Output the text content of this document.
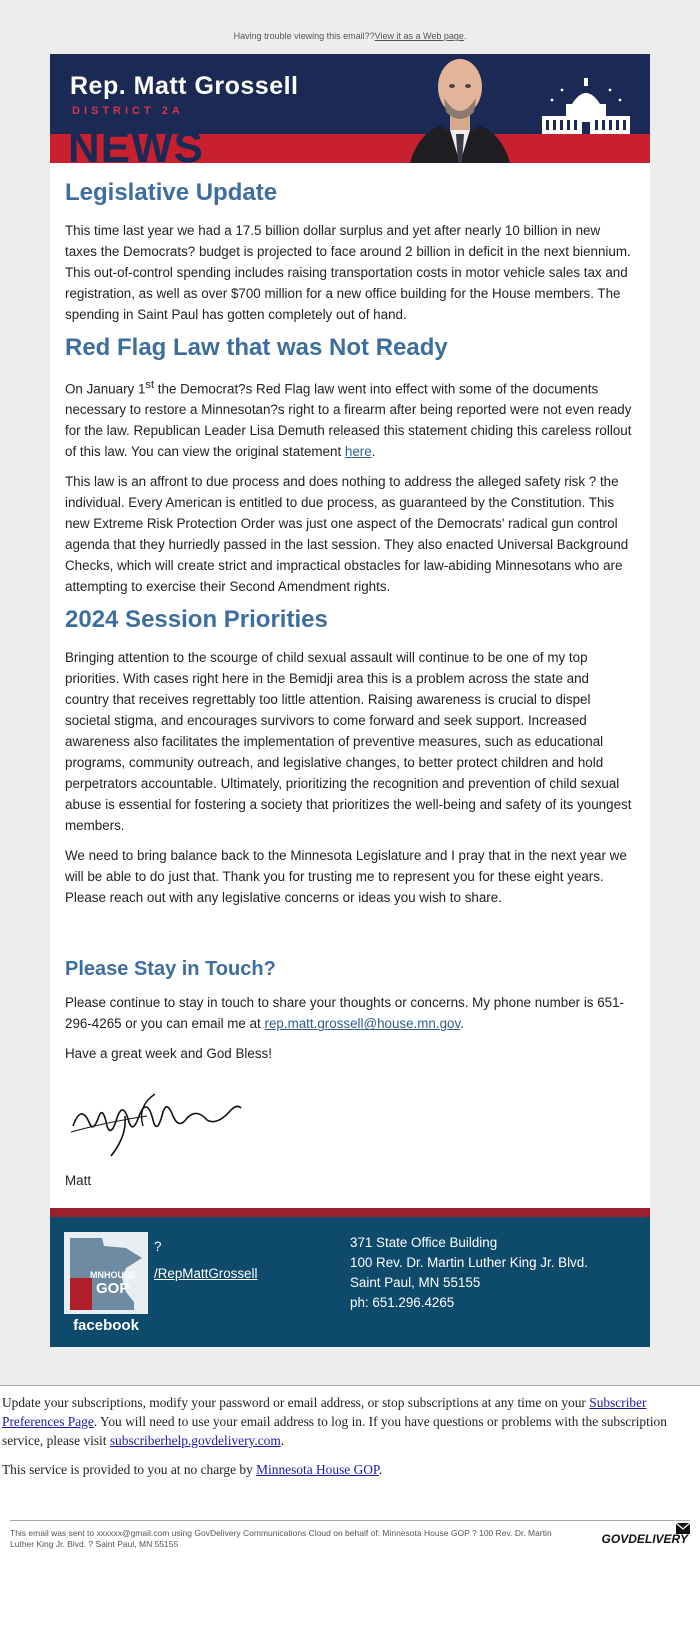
Having trouble viewing this email??View it as a Web page.
Rep. Matt Grossell
DISTRICT 2A
NEWS
Legislative Update

This time last year we had a 17.5 billion dollar surplus and yet after nearly 10 billion in new taxes the Democrats? budget is projected to face around 2 billion in deficit in the next biennium. This out-of-control spending includes raising transportation costs in motor vehicle sales tax and registration, as well as over $700 million for a new office building for the House members. The spending in Saint Paul has gotten completely out of hand.

Red Flag Law that was Not Ready

On January 1st the Democrat?s Red Flag law went into effect with some of the documents necessary to restore a Minnesotan?s right to a firearm after being reported were not even ready for the law. Republican Leader Lisa Demuth released this statement chiding this careless rollout of this law. You can view the original statement here.

This law is an affront to due process and does nothing to address the alleged safety risk ? the individual. Every American is entitled to due process, as guaranteed by the Constitution. This new Extreme Risk Protection Order was just one aspect of the Democrats' radical gun control agenda that they hurriedly passed in the last session. They also enacted Universal Background Checks, which will create strict and impractical obstacles for law-abiding Minnesotans who are attempting to exercise their Second Amendment rights.

2024 Session Priorities

Bringing attention to the scourge of child sexual assault will continue to be one of my top priorities. With cases right here in the Bemidji area this is a problem across the state and country that receives regrettably too little attention. Raising awareness is crucial to dispel societal stigma, and encourages survivors to come forward and seek support. Increased awareness also facilitates the implementation of preventive measures, such as educational programs, community outreach, and legislative changes, to better protect children and hold perpetrators accountable. Ultimately, prioritizing the recognition and prevention of child sexual abuse is essential for fostering a society that prioritizes the well-being and safety of its youngest members.

We need to bring balance back to the Minnesota Legislature and I pray that in the next year we will be able to do just that. Thank you for trusting me to represent you for these eight years. Please reach out with any legislative concerns or ideas you wish to share.

Please Stay in Touch?

Please continue to stay in touch to share your thoughts or concerns. My phone number is 651-296-4265 or you can email me at rep.matt.grossell@house.mn.gov.

Have a great week and God Bless!

Matt
MNHOUSE
GOP
facebook
?
/RepMattGrossell
371 State Office Building
100 Rev. Dr. Martin Luther King Jr. Blvd.
Saint Paul, MN 55155
ph: 651.296.4265

Update your subscriptions, modify your password or email address, or stop subscriptions at any time on your Subscriber Preferences Page. You will need to use your email address to log in. If you have questions or problems with the subscription service, please visit subscriberhelp.govdelivery.com.

This service is provided to you at no charge by Minnesota House GOP.

This email was sent to xxxxxx@gmail.com using GovDelivery Communications Cloud on behalf of: Minnesota House GOP ? 100 Rev. Dr. Martin Luther King Jr. Blvd. ? Saint Paul, MN 55155	GOVDELIVERY
